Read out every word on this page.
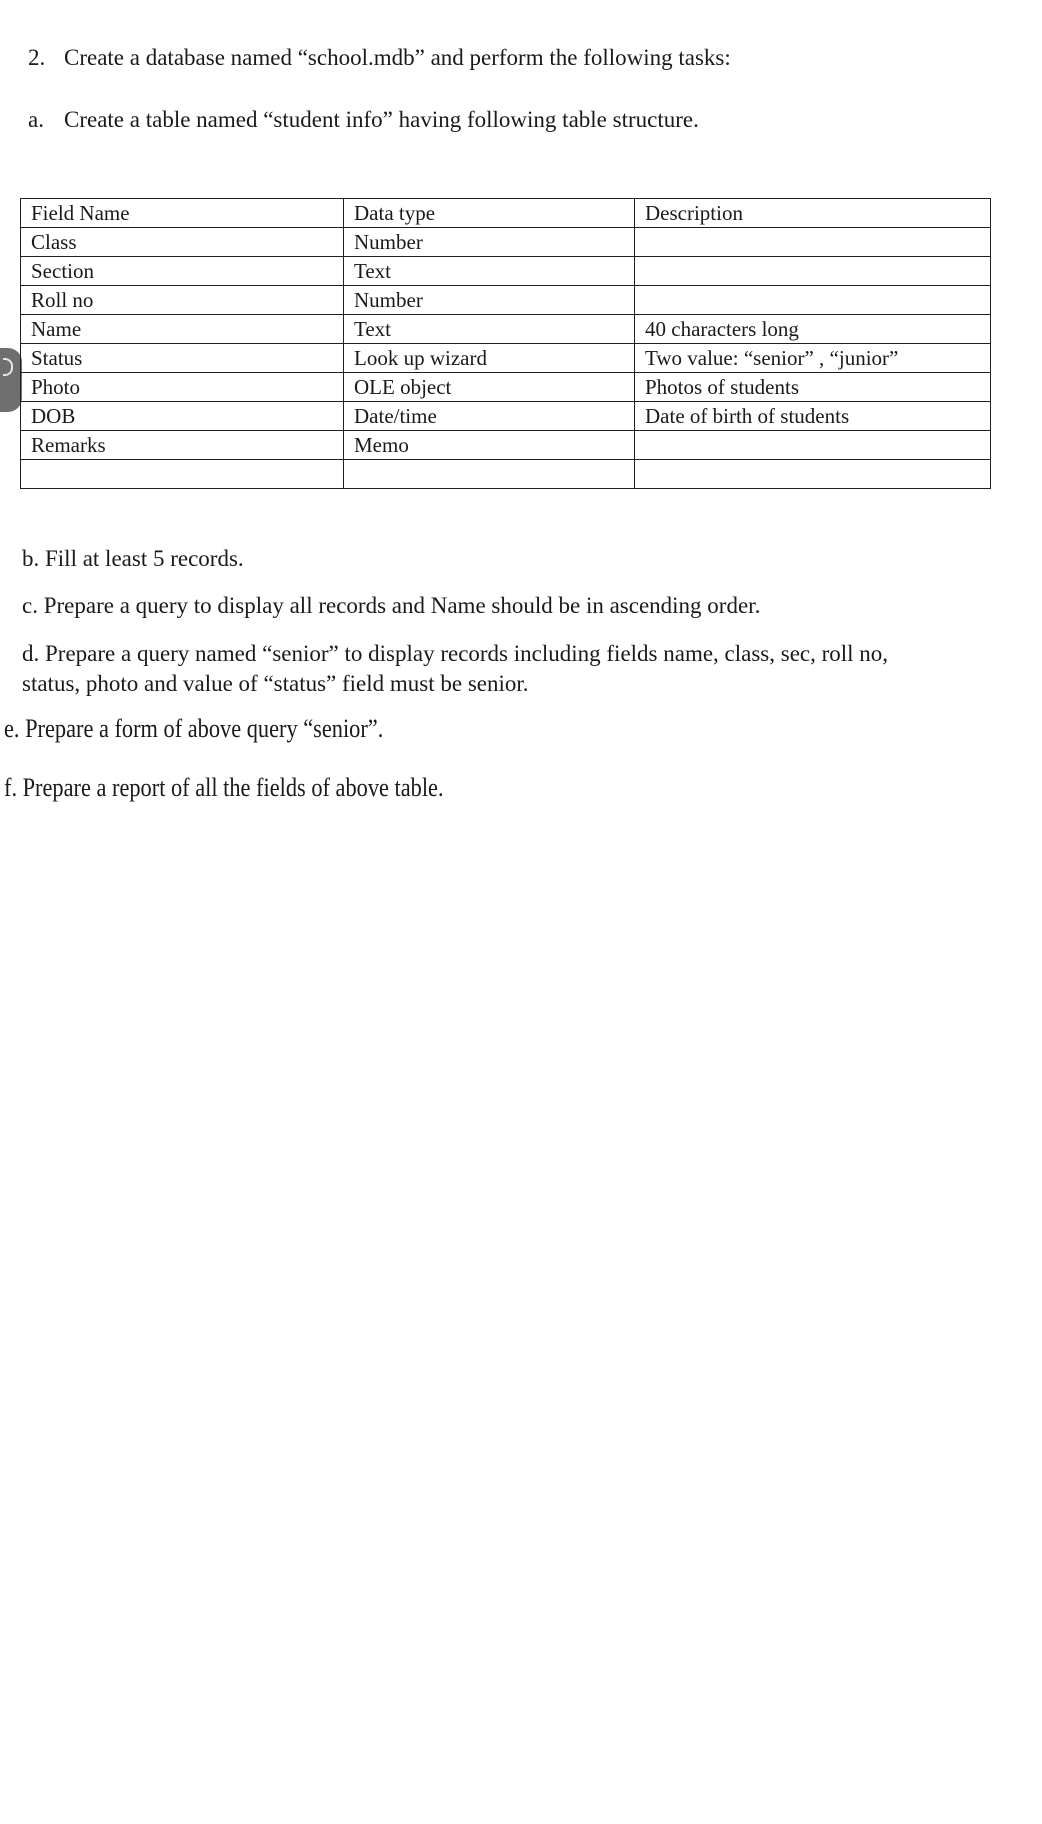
2. Create a database named “school.mdb” and perform the following tasks:
a. Create a table named “student info” having following table structure.
Field Name	Data type	Description
Class	Number	
Section	Text	
Roll no	Number	
Name	Text	40 characters long
Status	Look up wizard	Two value: “senior” , “junior”
Photo	OLE object	Photos of students
DOB	Date/time	Date of birth of students
Remarks	Memo	

b. Fill at least 5 records.
c. Prepare a query to display all records and Name should be in ascending order.
d. Prepare a query named “senior” to display records including fields name, class, sec, roll no,
status, photo and value of “status” field must be senior.
e. Prepare a form of above query “senior”.
f. Prepare a report of all the fields of above table.
